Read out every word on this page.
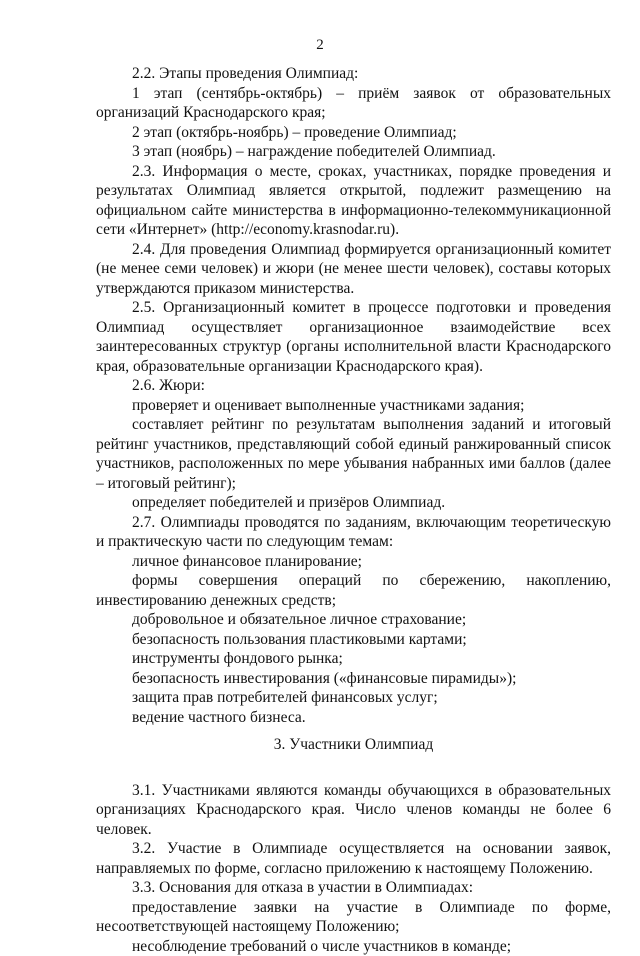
2

2.2. Этапы проведения Олимпиад:

1 этап (сентябрь-октябрь) – приём заявок от образовательных организаций Краснодарского края;

2 этап (октябрь-ноябрь) – проведение Олимпиад;

3 этап (ноябрь) – награждение победителей Олимпиад.

2.3. Информация о месте, сроках, участниках, порядке проведения и результатах Олимпиад является открытой, подлежит размещению на официальном сайте министерства в информационно-телекоммуникационной сети «Интернет» (http://economy.krasnodar.ru).

2.4. Для проведения Олимпиад формируется организационный комитет (не менее семи человек) и жюри (не менее шести человек), составы которых утверждаются приказом министерства.

2.5. Организационный комитет в процессе подготовки и проведения Олимпиад осуществляет организационное взаимодействие всех заинтересованных структур (органы исполнительной власти Краснодарского края, образовательные организации Краснодарского края).

2.6. Жюри:

проверяет и оценивает выполненные участниками задания;

составляет рейтинг по результатам выполнения заданий и итоговый рейтинг участников, представляющий собой единый ранжированный список участников, расположенных по мере убывания набранных ими баллов (далее – итоговый рейтинг);

определяет победителей и призёров Олимпиад.

2.7. Олимпиады проводятся по заданиям, включающим теоретическую и практическую части по следующим темам:

личное финансовое планирование;

формы совершения операций по сбережению, накоплению, инвестированию денежных средств;

добровольное и обязательное личное страхование;

безопасность пользования пластиковыми картами;

инструменты фондового рынка;

безопасность инвестирования («финансовые пирамиды»);

защита прав потребителей финансовых услуг;

ведение частного бизнеса.

3. Участники Олимпиад

3.1. Участниками являются команды обучающихся в образовательных организациях Краснодарского края. Число членов команды не более 6 человек.

3.2. Участие в Олимпиаде осуществляется на основании заявок, направляемых по форме, согласно приложению к настоящему Положению.

3.3. Основания для отказа в участии в Олимпиадах:

предоставление заявки на участие в Олимпиаде по форме, несоответствующей настоящему Положению;

несоблюдение требований о числе участников в команде;
